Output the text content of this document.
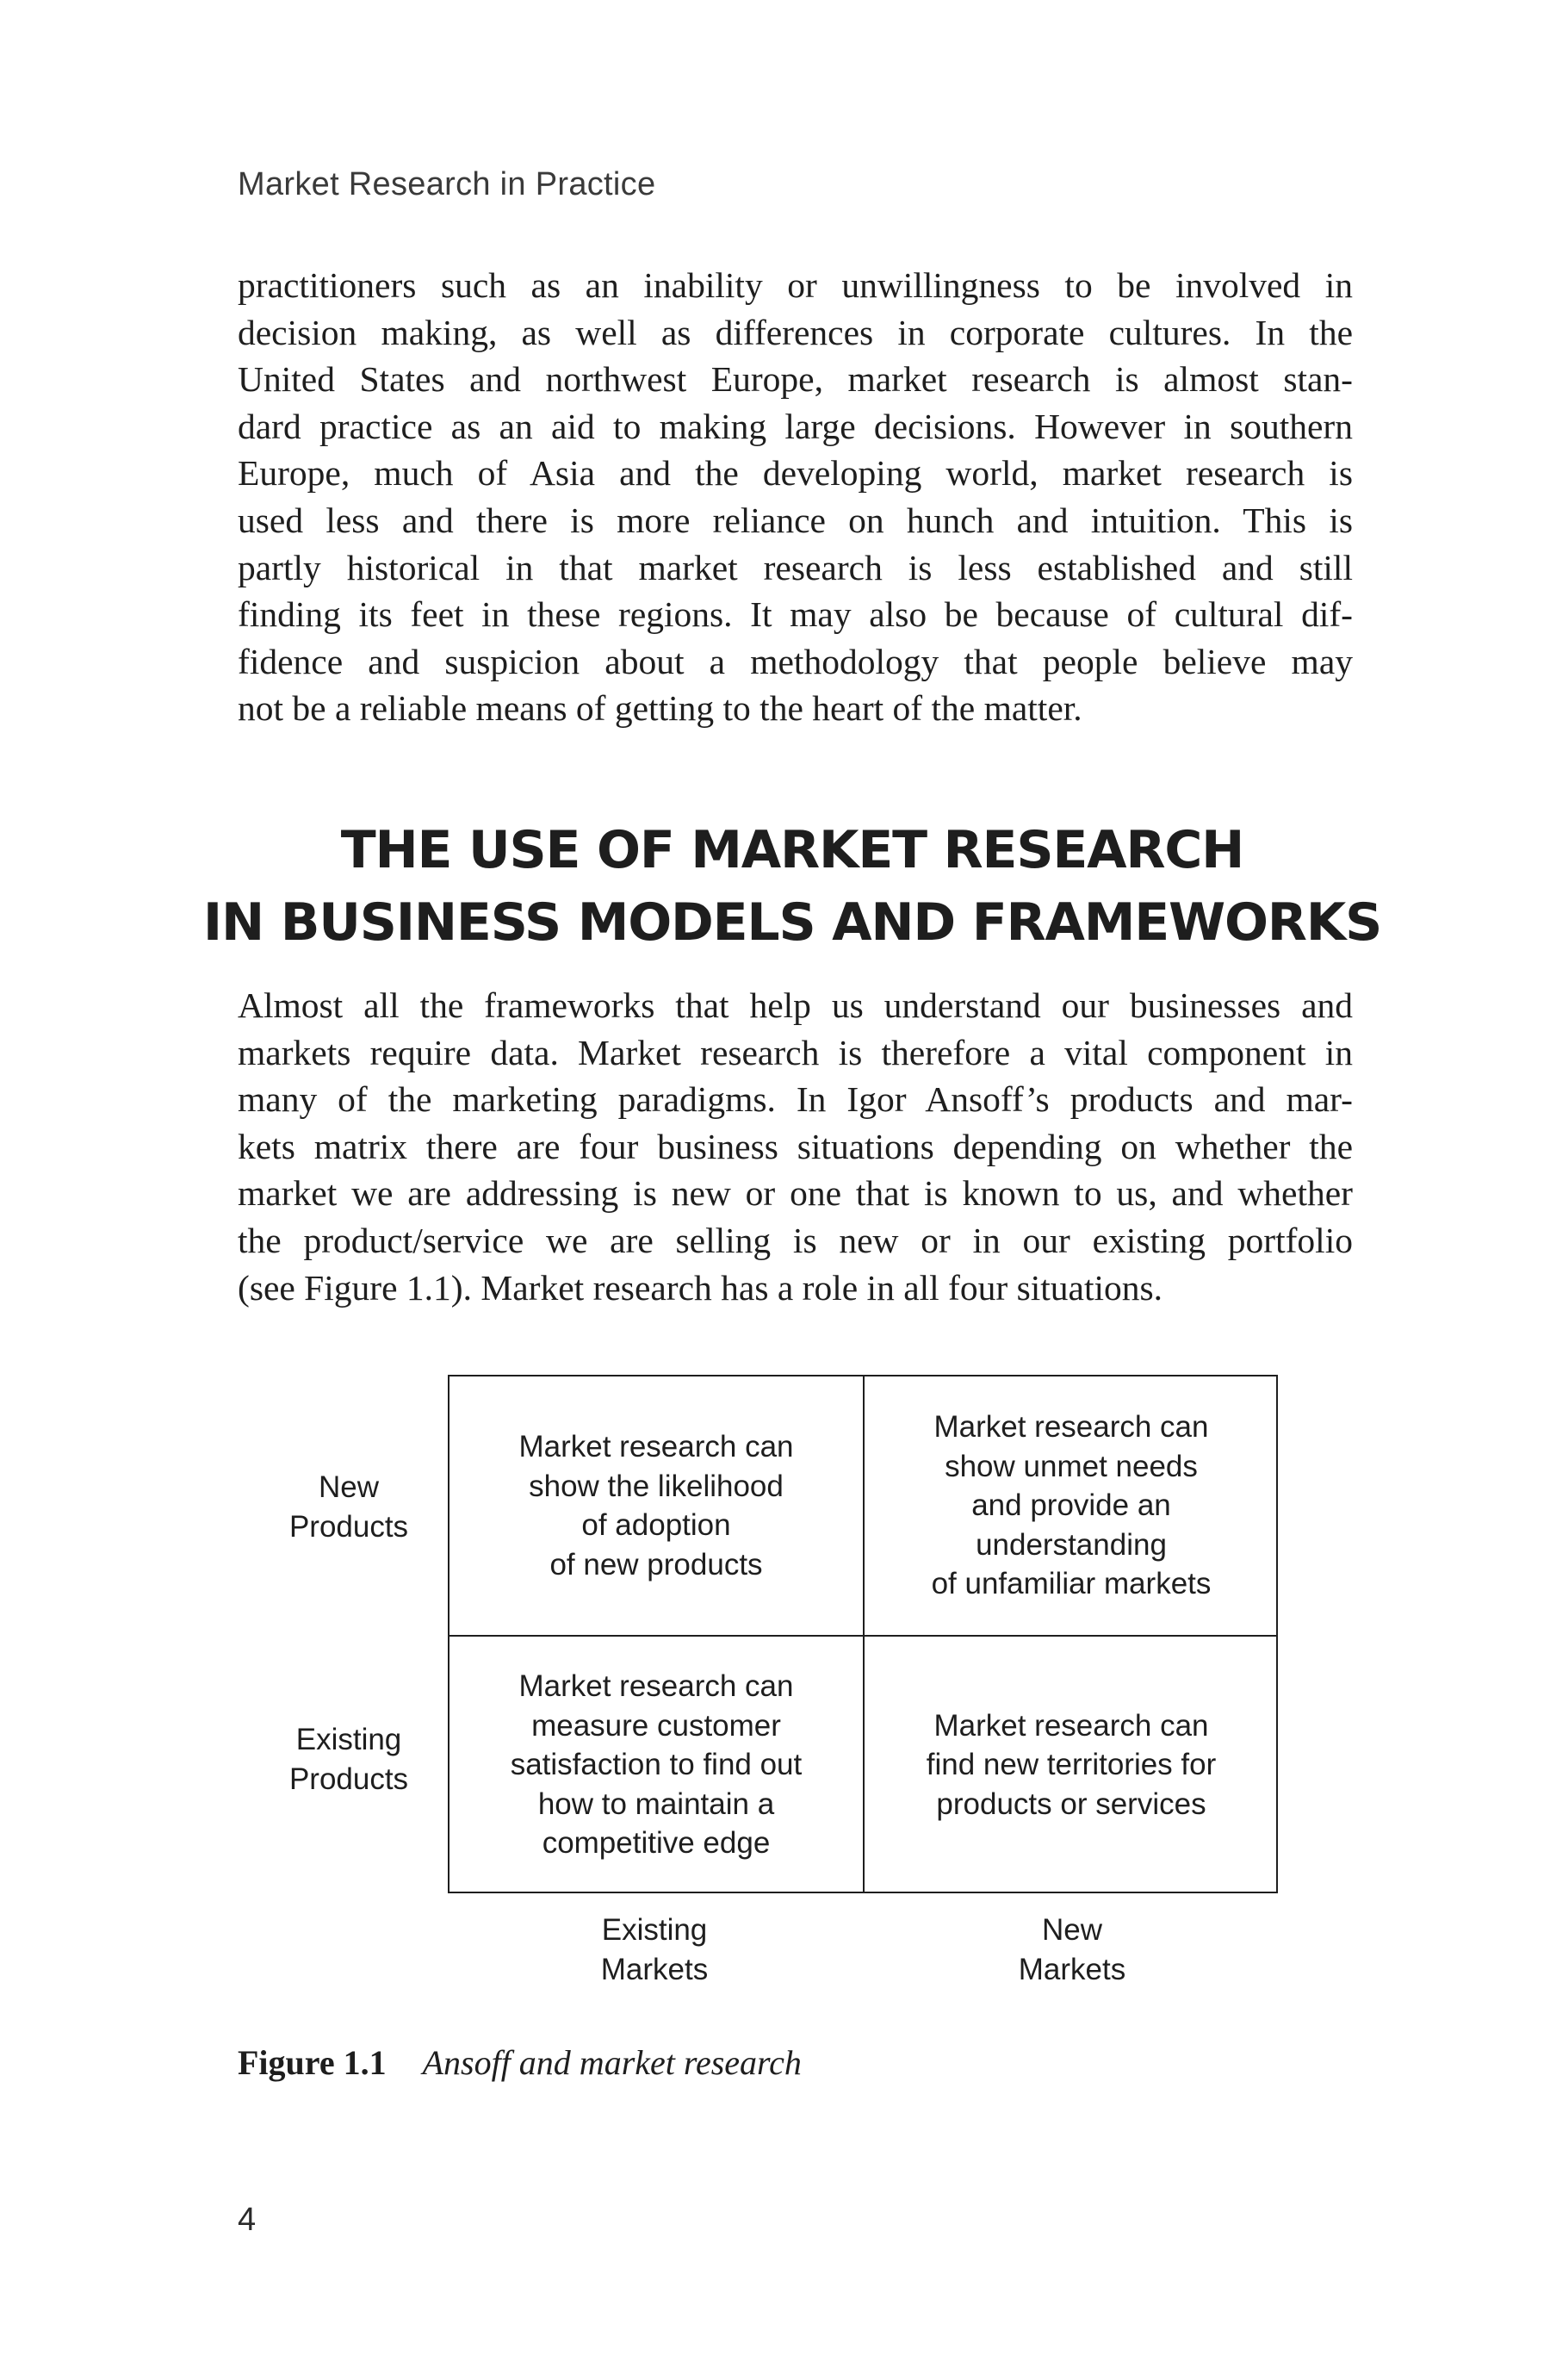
Market Research in Practice

practitioners such as an inability or unwillingness to be involved in
decision making, as well as differences in corporate cultures. In the
United States and northwest Europe, market research is almost stan-
dard practice as an aid to making large decisions. However in southern
Europe, much of Asia and the developing world, market research is
used less and there is more reliance on hunch and intuition. This is
partly historical in that market research is less established and still
finding its feet in these regions. It may also be because of cultural dif-
fidence and suspicion about a methodology that people believe may
not be a reliable means of getting to the heart of the matter.

THE USE OF MARKET RESEARCH
IN BUSINESS MODELS AND FRAMEWORKS

Almost all the frameworks that help us understand our businesses and
markets require data. Market research is therefore a vital component in
many of the marketing paradigms. In Igor Ansoff’s products and mar-
kets matrix there are four business situations depending on whether the
market we are addressing is new or one that is known to us, and whether
the product/service we are selling is new or in our existing portfolio
(see Figure 1.1). Market research has a role in all four situations.

New
Products
Existing
Products
Market research can
show the likelihood
of adoption
of new products
Market research can
show unmet needs
and provide an
understanding
of unfamiliar markets
Market research can
measure customer
satisfaction to find out
how to maintain a
competitive edge
Market research can
find new territories for
products or services
Existing
Markets
New
Markets
Figure 1.1 Ansoff and market research
4
